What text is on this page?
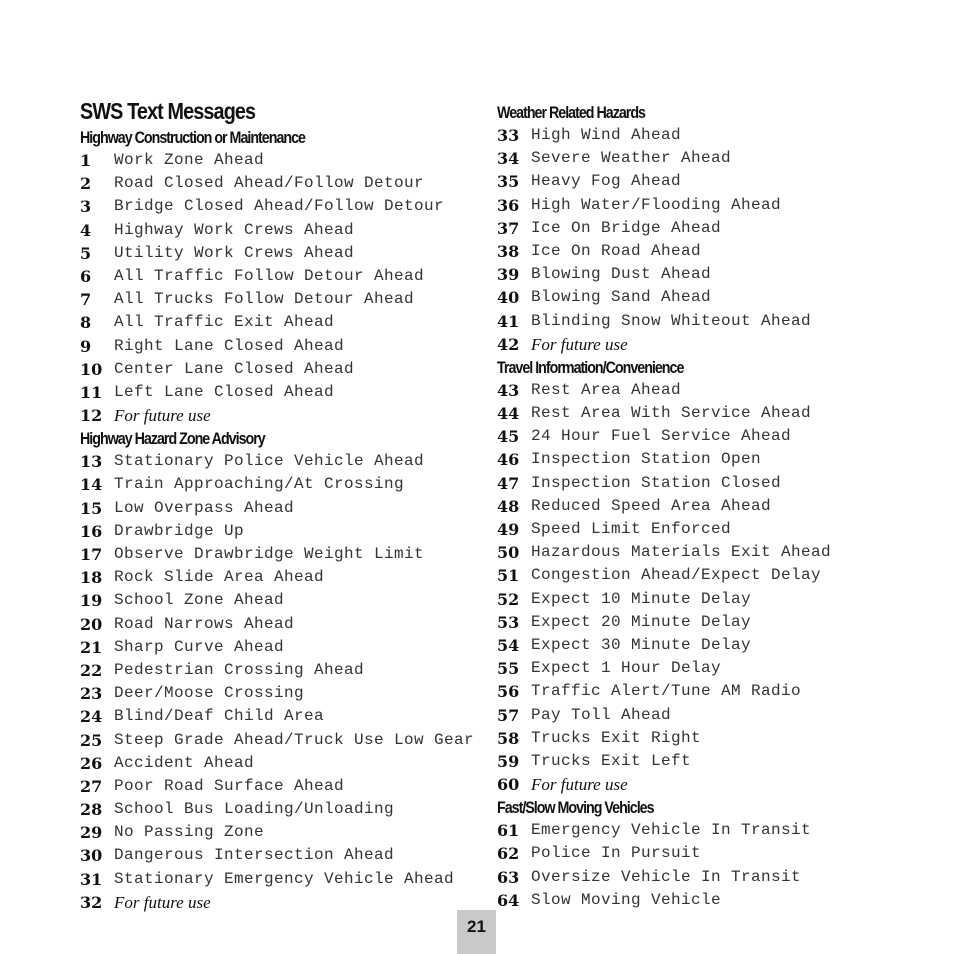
SWS Text Messages
Highway Construction or Maintenance
1	Work Zone Ahead
2	Road Closed Ahead/Follow Detour
3	Bridge Closed Ahead/Follow Detour
4	Highway Work Crews Ahead
5	Utility Work Crews Ahead
6	All Traffic Follow Detour Ahead
7	All Trucks Follow Detour Ahead
8	All Traffic Exit Ahead
9	Right Lane Closed Ahead
10 Center Lane Closed Ahead
11 Left Lane Closed Ahead
12 For future use
Highway Hazard Zone Advisory
13 Stationary Police Vehicle Ahead
14 Train Approaching/At Crossing
15 Low Overpass Ahead
16 Drawbridge Up
17 Observe Drawbridge Weight Limit
18 Rock Slide Area Ahead
19 School Zone Ahead
20 Road Narrows Ahead
21 Sharp Curve Ahead
22 Pedestrian Crossing Ahead
23 Deer/Moose Crossing
24 Blind/Deaf Child Area
25 Steep Grade Ahead/Truck Use Low Gear
26 Accident Ahead
27 Poor Road Surface Ahead
28 School Bus Loading/Unloading
29 No Passing Zone
30 Dangerous Intersection Ahead
31 Stationary Emergency Vehicle Ahead
32 For future use
Weather Related Hazards
33 High Wind Ahead
34 Severe Weather Ahead
35 Heavy Fog Ahead
36 High Water/Flooding Ahead
37 Ice On Bridge Ahead
38 Ice On Road Ahead
39 Blowing Dust Ahead
40 Blowing Sand Ahead
41 Blinding Snow Whiteout Ahead
42 For future use
Travel Information/Convenience
43 Rest Area Ahead
44 Rest Area With Service Ahead
45 24 Hour Fuel Service Ahead
46 Inspection Station Open
47 Inspection Station Closed
48 Reduced Speed Area Ahead
49 Speed Limit Enforced
50 Hazardous Materials Exit Ahead
51 Congestion Ahead/Expect Delay
52 Expect 10 Minute Delay
53 Expect 20 Minute Delay
54 Expect 30 Minute Delay
55 Expect 1 Hour Delay
56 Traffic Alert/Tune AM Radio
57 Pay Toll Ahead
58 Trucks Exit Right
59 Trucks Exit Left
60 For future use
Fast/Slow Moving Vehicles
61 Emergency Vehicle In Transit
62 Police In Pursuit
63 Oversize Vehicle In Transit
64 Slow Moving Vehicle
21
